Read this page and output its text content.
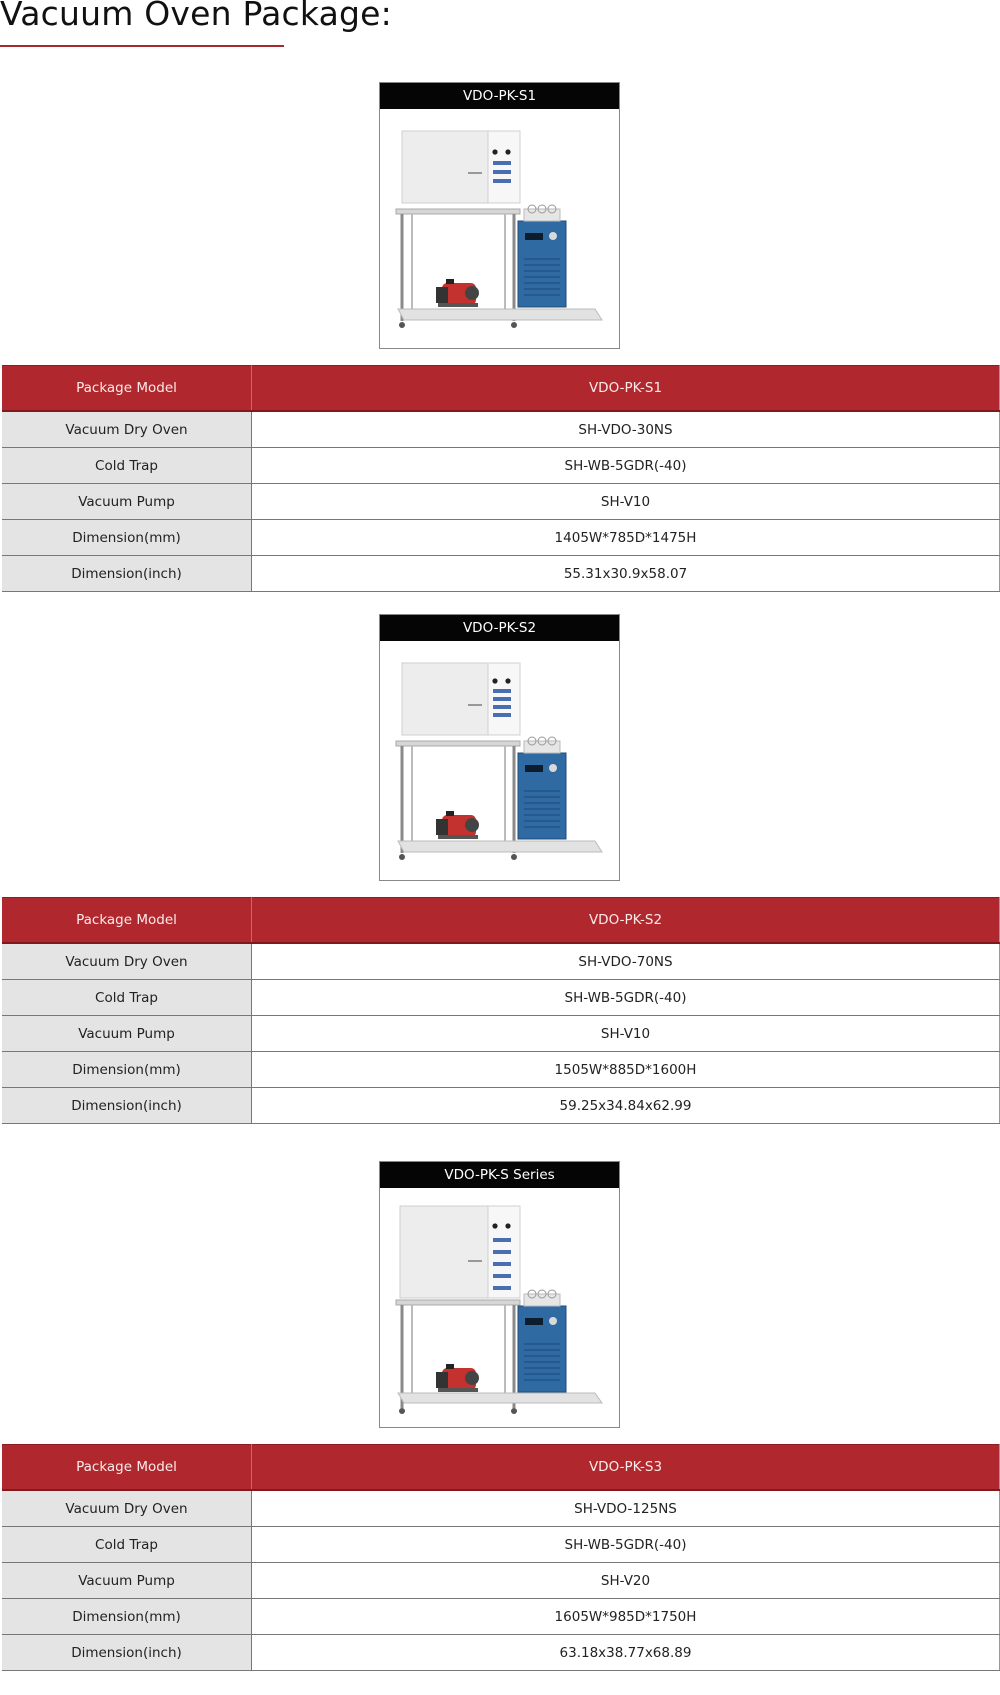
Vacuum Oven Package:
VDO-PK-S1
Package Model	VDO-PK-S1
Vacuum Dry Oven	SH-VDO-30NS
Cold Trap	SH-WB-5GDR(-40)
Vacuum Pump	SH-V10
Dimension(mm)	1405W*785D*1475H
Dimension(inch)	55.31x30.9x58.07
VDO-PK-S2
Package Model	VDO-PK-S2
Vacuum Dry Oven	SH-VDO-70NS
Cold Trap	SH-WB-5GDR(-40)
Vacuum Pump	SH-V10
Dimension(mm)	1505W*885D*1600H
Dimension(inch)	59.25x34.84x62.99
VDO-PK-S Series
Package Model	VDO-PK-S3
Vacuum Dry Oven	SH-VDO-125NS
Cold Trap	SH-WB-5GDR(-40)
Vacuum Pump	SH-V20
Dimension(mm)	1605W*985D*1750H
Dimension(inch)	63.18x38.77x68.89
